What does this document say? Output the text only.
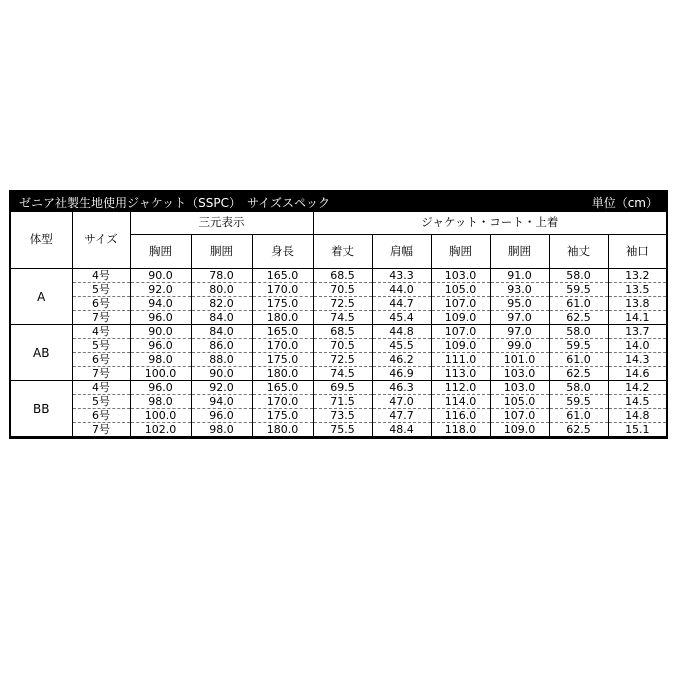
ゼニア社製生地使用ジャケット（SSPC）　サイズスペック	単位（cm）
体型	サイズ	三元表示			ジャケット・コート・上着					
		胸囲	胴囲	身長	着丈	肩幅	胸囲	胴囲	袖丈	袖口
A	4号	90.0	78.0	165.0	68.5	43.3	103.0	91.0	58.0	13.2
	5号	92.0	80.0	170.0	70.5	44.0	105.0	93.0	59.5	13.5
	6号	94.0	82.0	175.0	72.5	44.7	107.0	95.0	61.0	13.8
	7号	96.0	84.0	180.0	74.5	45.4	109.0	97.0	62.5	14.1
AB	4号	90.0	84.0	165.0	68.5	44.8	107.0	97.0	58.0	13.7
	5号	96.0	86.0	170.0	70.5	45.5	109.0	99.0	59.5	14.0
	6号	98.0	88.0	175.0	72.5	46.2	111.0	101.0	61.0	14.3
	7号	100.0	90.0	180.0	74.5	46.9	113.0	103.0	62.5	14.6
BB	4号	96.0	92.0	165.0	69.5	46.3	112.0	103.0	58.0	14.2
	5号	98.0	94.0	170.0	71.5	47.0	114.0	105.0	59.5	14.5
	6号	100.0	96.0	175.0	73.5	47.7	116.0	107.0	61.0	14.8
	7号	102.0	98.0	180.0	75.5	48.4	118.0	109.0	62.5	15.1
